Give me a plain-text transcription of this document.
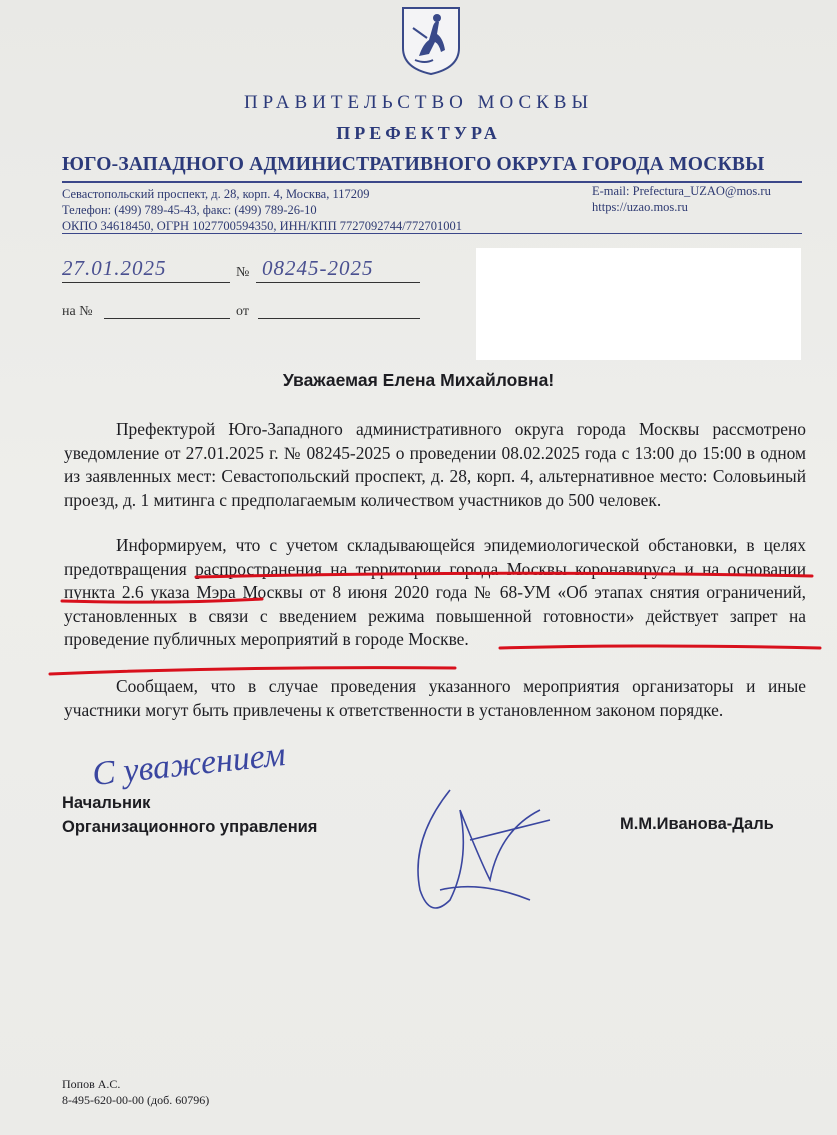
ПРАВИТЕЛЬСТВО МОСКВЫ
ПРЕФЕКТУРА
ЮГО-ЗАПАДНОГО АДМИНИСТРАТИВНОГО ОКРУГА ГОРОДА МОСКВЫ
Севастопольский проспект, д. 28, корп. 4, Москва, 117209
Телефон: (499) 789-45-43, факс: (499) 789-26-10
ОКПО 34618450, ОГРН 1027700594350, ИНН/КПП 7727092744/772701001
E-mail: Prefectura_UZAO@mos.ru
https://uzao.mos.ru
27.01.2025	№ 08245-2025
на №	от
Уважаемая Елена Михайловна!
Префектурой Юго-Западного административного округа города Москвы рассмотрено уведомление от 27.01.2025 г. № 08245-2025 о проведении 08.02.2025 года с 13:00 до 15:00 в одном из заявленных мест: Севастопольский проспект, д. 28, корп. 4, альтернативное место: Соловьиный проезд, д. 1 митинга с предполагаемым количеством участников до 500 человек.
Информируем, что с учетом складывающейся эпидемиологической обстановки, в целях предотвращения распространения на территории города Москвы коронавируса и на основании пункта 2.6 указа Мэра Москвы от 8 июня 2020 года № 68-УМ «Об этапах снятия ограничений, установленных в связи с введением режима повышенной готовности» действует запрет на проведение публичных мероприятий в городе Москве.
Сообщаем, что в случае проведения указанного мероприятия организаторы и иные участники могут быть привлечены к ответственности в установленном законом порядке.
С уважением
Начальник
Организационного управления	М.М.Иванова-Даль
Попов А.С.
8-495-620-00-00 (доб. 60796)
